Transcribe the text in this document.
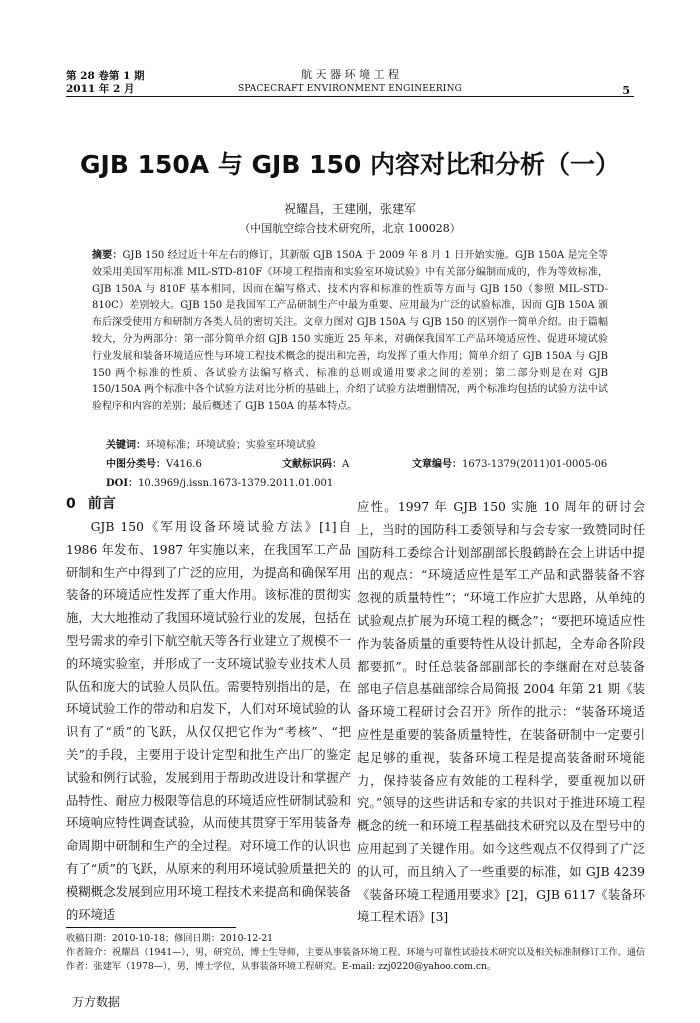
第 28 卷第 1 期
2011 年 2 月
航 天 器 环 境 工 程
SPACECRAFT ENVIRONMENT ENGINEERING	5
GJB 150A 与 GJB 150 内容对比和分析（一）
祝耀昌，王建刚，张建军
（中国航空综合技术研究所，北京 100028）
摘要：GJB 150 经过近十年左右的修订，其新版 GJB 150A 于 2009 年 8 月 1 日开始实施。GJB 150A 是完全等效采用美国军用标准 MIL-STD-810F《环境工程指南和实验室环境试验》中有关部分编制而成的，作为等效标准，GJB 150A 与 810F 基本相同，因而在编写格式、技术内容和标准的性质等方面与 GJB 150（参照 MIL-STD-810C）差别较大。GJB 150 是我国军工产品研制生产中最为重要、应用最为广泛的试验标准，因而 GJB 150A 颁布后深受使用方和研制方各类人员的密切关注。文章力图对 GJB 150A 与 GJB 150 的区别作一简单介绍。由于篇幅较大，分为两部分：第一部分简单介绍 GJB 150 实施近 25 年来，对确保我国军工产品环境适应性、促进环境试验行业发展和装备环境适应性与环境工程技术概念的提出和完善，均发挥了重大作用；简单介绍了 GJB 150A 与 GJB 150 两个标准的性质、各试验方法编写格式、标准的总则或通用要求之间的差别；第二部分则是在对 GJB 150/150A 两个标准中各个试验方法对比分析的基础上，介绍了试验方法增删情况，两个标准均包括的试验方法中试验程序和内容的差别；最后概述了 GJB 150A 的基本特点。
关键词：环境标准；环境试验；实验室环境试验
中图分类号：V416.6	文献标识码：A	文章编号：1673-1379(2011)01-0005-06
DOI：10.3969/j.issn.1673-1379.2011.01.001
0 前言
GJB 150《军用设备环境试验方法》[1]自 1986 年发布、1987 年实施以来，在我国军工产品研制和生产中得到了广泛的应用，为提高和确保军用装备的环境适应性发挥了重大作用。该标准的贯彻实施，大大地推动了我国环境试验行业的发展，包括在型号需求的牵引下航空航天等各行业建立了规模不一的环境实验室，并形成了一支环境试验专业技术人员队伍和庞大的试验人员队伍。需要特别指出的是，在环境试验工作的带动和启发下，人们对环境试验的认识有了“质”的飞跃，从仅仅把它作为“考核”、“把关”的手段，主要用于设计定型和批生产出厂的鉴定试验和例行试验，发展到用于帮助改进设计和掌握产品特性、耐应力极限等信息的环境适应性研制试验和环境响应特性调查试验，从而使其贯穿于军用装备寿命周期中研制和生产的全过程。对环境工作的认识也有了“质”的飞跃，从原来的利用环境试验质量把关的模糊概念发展到应用环境工程技术来提高和确保装备的环境适
应性。1997 年 GJB 150 实施 10 周年的研讨会上，当时的国防科工委领导和与会专家一致赞同时任国防科工委综合计划部副部长殷鹤龄在会上讲话中提出的观点：“环境适应性是军工产品和武器装备不容忽视的质量特性”；“环境工作应扩大思路，从单纯的试验观点扩展为环境工程的概念”；“要把环境适应性作为装备质量的重要特性从设计抓起，全寿命各阶段都要抓”。时任总装备部副部长的李继耐在对总装备部电子信息基础部综合局简报 2004 年第 21 期《装备环境工程研讨会召开》所作的批示：“装备环境适应性是重要的装备质量特性，在装备研制中一定要引起足够的重视，装备环境工程是提高装备耐环境能力，保持装备应有效能的工程科学，要重视加以研究。”领导的这些讲话和专家的共识对于推进环境工程概念的统一和环境工程基础技术研究以及在型号中的应用起到了关键作用。如今这些观点不仅得到了广泛的认可，而且纳入了一些重要的标准，如 GJB 4239《装备环境工程通用要求》[2]，GJB 6117《装备环境工程术语》[3]
收稿日期：2010-10-18；修回日期：2010-12-21
作者简介：祝耀昌（1941—），男，研究员，博士生导师，主要从事装备环境工程、环境与可靠性试验技术研究以及相关标准制修订工作。通信作者：张建军（1978—），男，博士学位，从事装备环境工程研究。E-mail: zzj0220@yahoo.com.cn。
万方数据
